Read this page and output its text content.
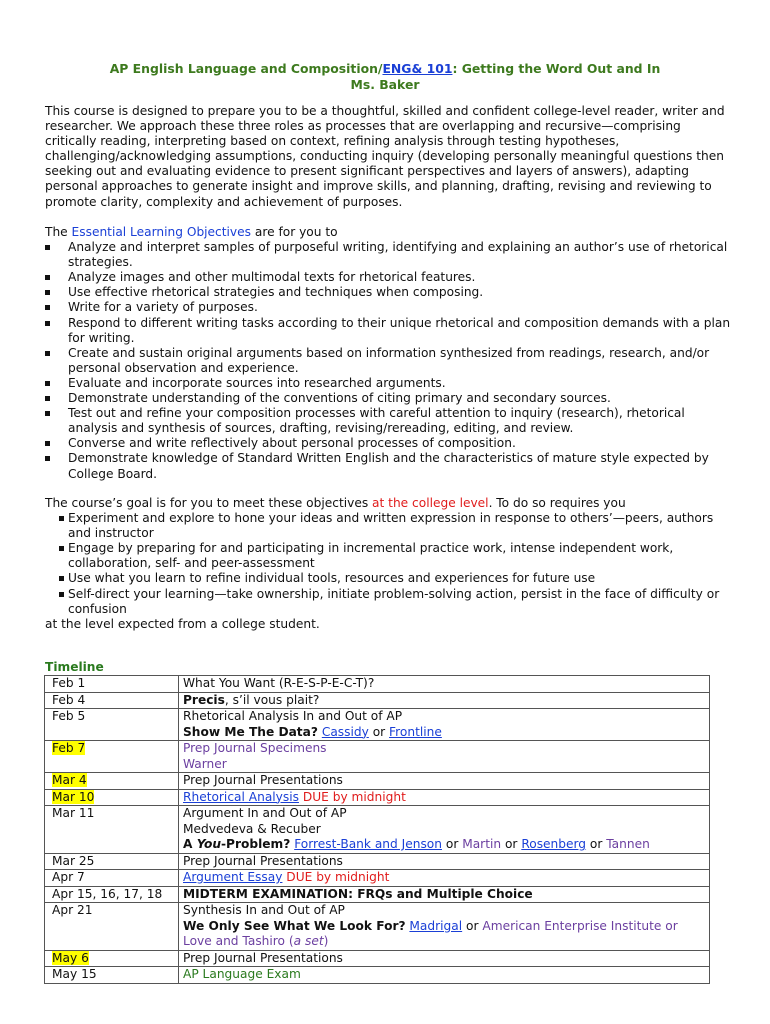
AP English Language and Composition/ENG& 101: Getting the Word Out and In
Ms. Baker
This course is designed to prepare you to be a thoughtful, skilled and confident college-level reader, writer and researcher. We approach these three roles as processes that are overlapping and recursive—comprising critically reading, interpreting based on context, refining analysis through testing hypotheses, challenging/acknowledging assumptions, conducting inquiry (developing personally meaningful questions then seeking out and evaluating evidence to present significant perspectives and layers of answers), adapting personal approaches to generate insight and improve skills, and planning, drafting, revising and reviewing to promote clarity, complexity and achievement of purposes.
The Essential Learning Objectives are for you to
Analyze and interpret samples of purposeful writing, identifying and explaining an author’s use of rhetorical strategies.
Analyze images and other multimodal texts for rhetorical features.
Use effective rhetorical strategies and techniques when composing.
Write for a variety of purposes.
Respond to different writing tasks according to their unique rhetorical and composition demands with a plan for writing.
Create and sustain original arguments based on information synthesized from readings, research, and/or personal observation and experience.
Evaluate and incorporate sources into researched arguments.
Demonstrate understanding of the conventions of citing primary and secondary sources.
Test out and refine your composition processes with careful attention to inquiry (research), rhetorical analysis and synthesis of sources, drafting, revising/rereading, editing, and review.
Converse and write reflectively about personal processes of composition.
Demonstrate knowledge of Standard Written English and the characteristics of mature style expected by College Board.
The course’s goal is for you to meet these objectives at the college level. To do so requires you
Experiment and explore to hone your ideas and written expression in response to others’—peers, authors and instructor
Engage by preparing for and participating in incremental practice work, intense independent work, collaboration, self- and peer-assessment
Use what you learn to refine individual tools, resources and experiences for future use
Self-direct your learning—take ownership, initiate problem-solving action, persist in the face of difficulty or confusion
at the level expected from a college student.
Timeline
Feb 1	What You Want (R-E-S-P-E-C-T)?
Feb 4	Precis, s’il vous plait?
Feb 5	Rhetorical Analysis In and Out of AP
Show Me The Data? Cassidy or Frontline

Feb 7	Prep Journal Specimens
Warner

Mar 4	Prep Journal Presentations
Mar 10	Rhetorical Analysis DUE by midnight
Mar 11	Argument In and Out of AP
Medvedeva & Recuber
A You-Problem? Forrest-Bank and Jenson or Martin or Rosenberg or Tannen

Mar 25	Prep Journal Presentations
Apr 7	Argument Essay DUE by midnight
Apr 15, 16, 17, 18	MIDTERM EXAMINATION: FRQs and Multiple Choice
Apr 21	Synthesis In and Out of AP
We Only See What We Look For? Madrigal or American Enterprise Institute or Love and Tashiro (a set)

May 6	Prep Journal Presentations
May 15	AP Language Exam
